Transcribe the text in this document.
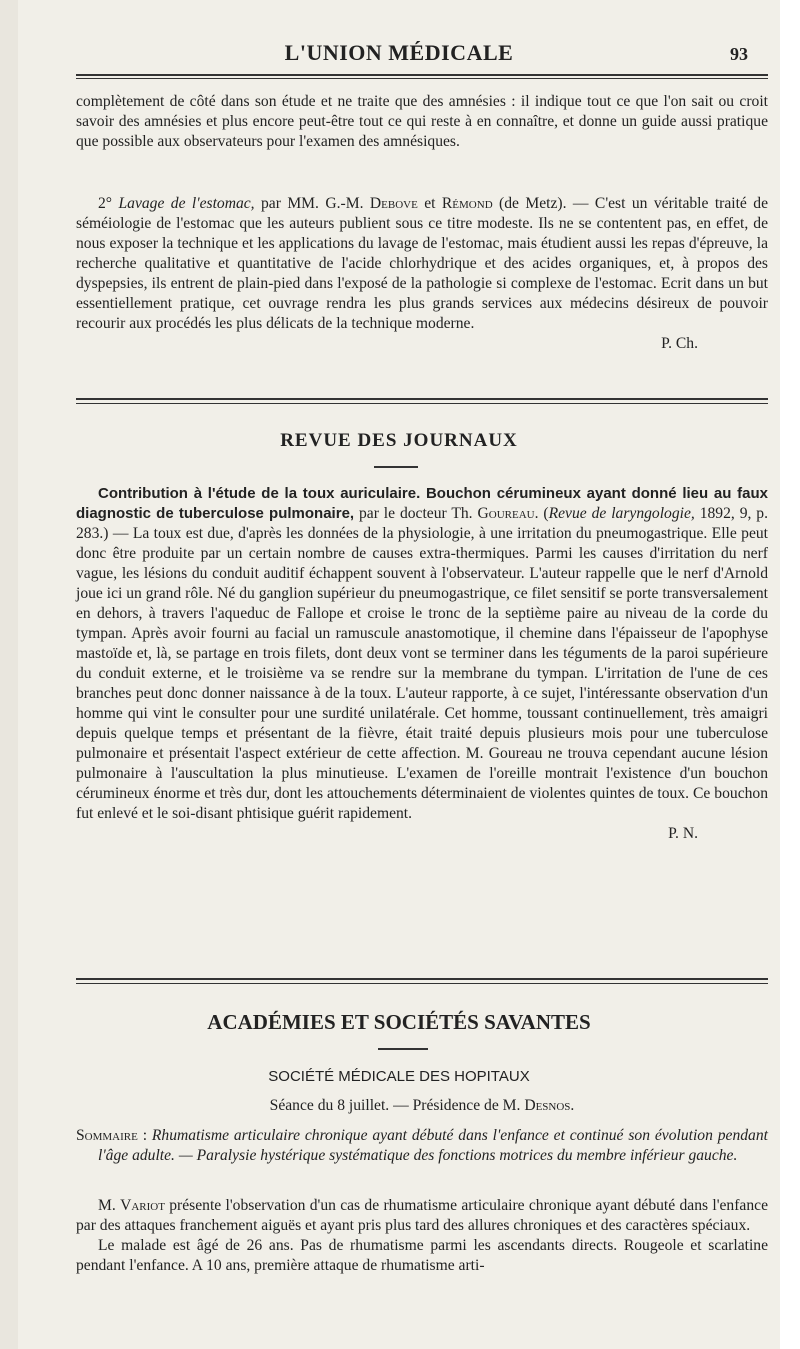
L'UNION MÉDICALE	93

complètement de côté dans son étude et ne traite que des amnésies : il indique tout ce que l'on sait ou croit savoir des amnésies et plus encore peut-être tout ce qui reste à en connaître, et donne un guide aussi pratique que possible aux observateurs pour l'examen des amnésiques.

2° Lavage de l'estomac, par MM. G.-M. Debove et Rémond (de Metz). — C'est un véritable traité de séméiologie de l'estomac que les auteurs publient sous ce titre modeste. Ils ne se contentent pas, en effet, de nous exposer la technique et les applications du lavage de l'estomac, mais étudient aussi les repas d'épreuve, la recherche qualitative et quantitative de l'acide chlorhydrique et des acides organiques, et, à propos des dyspepsies, ils entrent de plain-pied dans l'exposé de la pathologie si complexe de l'estomac. Ecrit dans un but essentiellement pratique, cet ouvrage rendra les plus grands services aux médecins désireux de pouvoir recourir aux procédés les plus délicats de la technique moderne.

P. Ch.

REVUE DES JOURNAUX

Contribution à l'étude de la toux auriculaire. Bouchon cérumineux ayant donné lieu au faux diagnostic de tuberculose pulmonaire, par le docteur Th. Goureau. (Revue de laryngologie, 1892, 9, p. 283.) — La toux est due, d'après les données de la physiologie, à une irritation du pneumogastrique. Elle peut donc être produite par un certain nombre de causes extra-thermiques. Parmi les causes d'irritation du nerf vague, les lésions du conduit auditif échappent souvent à l'observateur. L'auteur rappelle que le nerf d'Arnold joue ici un grand rôle. Né du ganglion supérieur du pneumogastrique, ce filet sensitif se porte transversalement en dehors, à travers l'aqueduc de Fallope et croise le tronc de la septième paire au niveau de la corde du tympan. Après avoir fourni au facial un ramuscule anastomotique, il chemine dans l'épaisseur de l'apophyse mastoïde et, là, se partage en trois filets, dont deux vont se terminer dans les téguments de la paroi supérieure du conduit externe, et le troisième va se rendre sur la membrane du tympan. L'irritation de l'une de ces branches peut donc donner naissance à de la toux. L'auteur rapporte, à ce sujet, l'intéressante observation d'un homme qui vint le consulter pour une surdité unilatérale. Cet homme, toussant continuellement, très amaigri depuis quelque temps et présentant de la fièvre, était traité depuis plusieurs mois pour une tuberculose pulmonaire et présentait l'aspect extérieur de cette affection. M. Goureau ne trouva cependant aucune lésion pulmonaire à l'auscultation la plus minutieuse. L'examen de l'oreille montrait l'existence d'un bouchon cérumineux énorme et très dur, dont les attouchements déterminaient de violentes quintes de toux. Ce bouchon fut enlevé et le soi-disant phtisique guérit rapidement.

P. N.

ACADÉMIES ET SOCIÉTÉS SAVANTES
SOCIÉTÉ MÉDICALE DES HOPITAUX

Séance du 8 juillet. — Présidence de M. Desnos.

Sommaire : Rhumatisme articulaire chronique ayant débuté dans l'enfance et continué son évolution pendant l'âge adulte. — Paralysie hystérique systématique des fonctions motrices du membre inférieur gauche.

M. Variot présente l'observation d'un cas de rhumatisme articulaire chronique ayant débuté dans l'enfance par des attaques franchement aiguës et ayant pris plus tard des allures chroniques et des caractères spéciaux.

Le malade est âgé de 26 ans. Pas de rhumatisme parmi les ascendants directs. Rougeole et scarlatine pendant l'enfance. A 10 ans, première attaque de rhumatisme arti-
